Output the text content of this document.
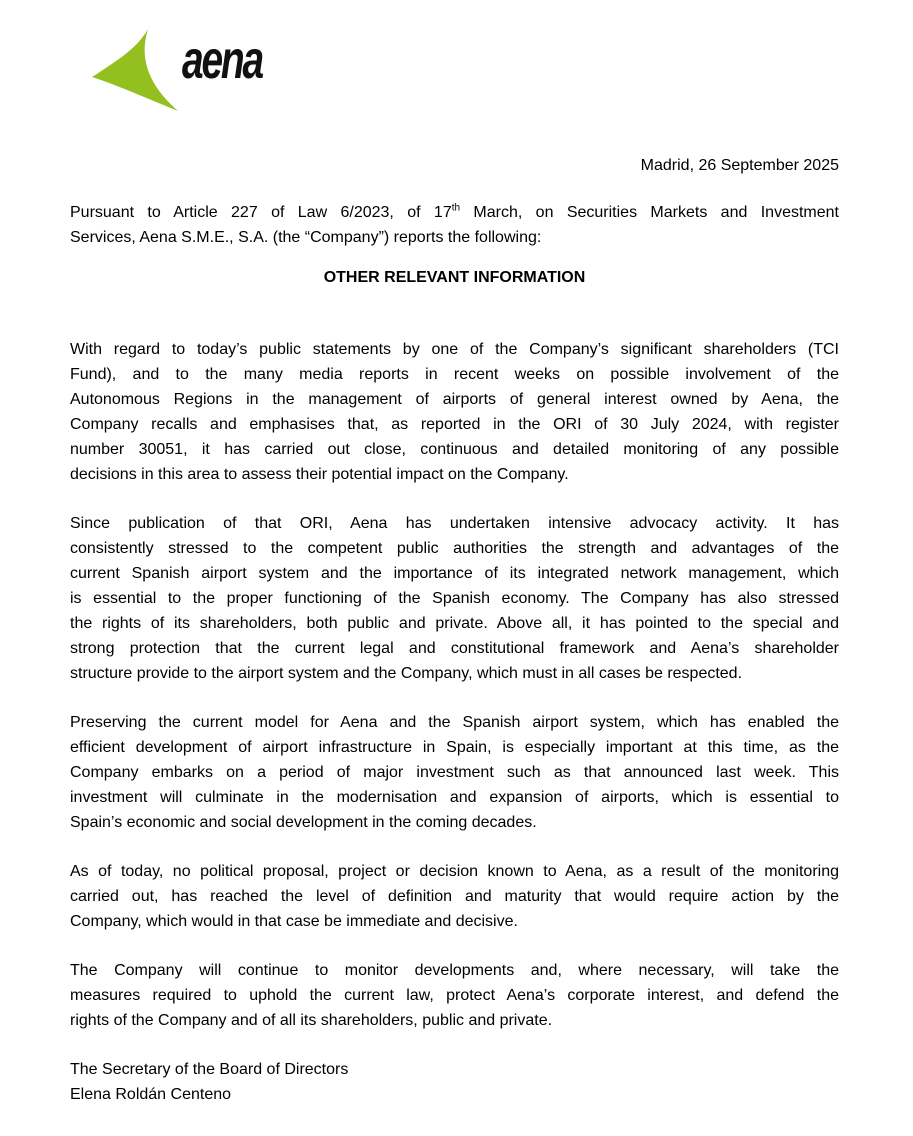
aena
Madrid, 26 September 2025
Pursuant to Article 227 of Law 6/2023, of 17th March, on Securities Markets and Investment
Services, Aena S.M.E., S.A. (the “Company”) reports the following:
OTHER RELEVANT INFORMATION
With regard to today’s public statements by one of the Company’s significant shareholders (TCI
Fund), and to the many media reports in recent weeks on possible involvement of the
Autonomous Regions in the management of airports of general interest owned by Aena, the
Company recalls and emphasises that, as reported in the ORI of 30 July 2024, with register
number 30051, it has carried out close, continuous and detailed monitoring of any possible
decisions in this area to assess their potential impact on the Company.
Since publication of that ORI, Aena has undertaken intensive advocacy activity. It has
consistently stressed to the competent public authorities the strength and advantages of the
current Spanish airport system and the importance of its integrated network management, which
is essential to the proper functioning of the Spanish economy. The Company has also stressed
the rights of its shareholders, both public and private. Above all, it has pointed to the special and
strong protection that the current legal and constitutional framework and Aena’s shareholder
structure provide to the airport system and the Company, which must in all cases be respected.
Preserving the current model for Aena and the Spanish airport system, which has enabled the
efficient development of airport infrastructure in Spain, is especially important at this time, as the
Company embarks on a period of major investment such as that announced last week. This
investment will culminate in the modernisation and expansion of airports, which is essential to
Spain’s economic and social development in the coming decades.
As of today, no political proposal, project or decision known to Aena, as a result of the monitoring
carried out, has reached the level of definition and maturity that would require action by the
Company, which would in that case be immediate and decisive.
The Company will continue to monitor developments and, where necessary, will take the
measures required to uphold the current law, protect Aena’s corporate interest, and defend the
rights of the Company and of all its shareholders, public and private.
The Secretary of the Board of Directors
Elena Roldán Centeno
